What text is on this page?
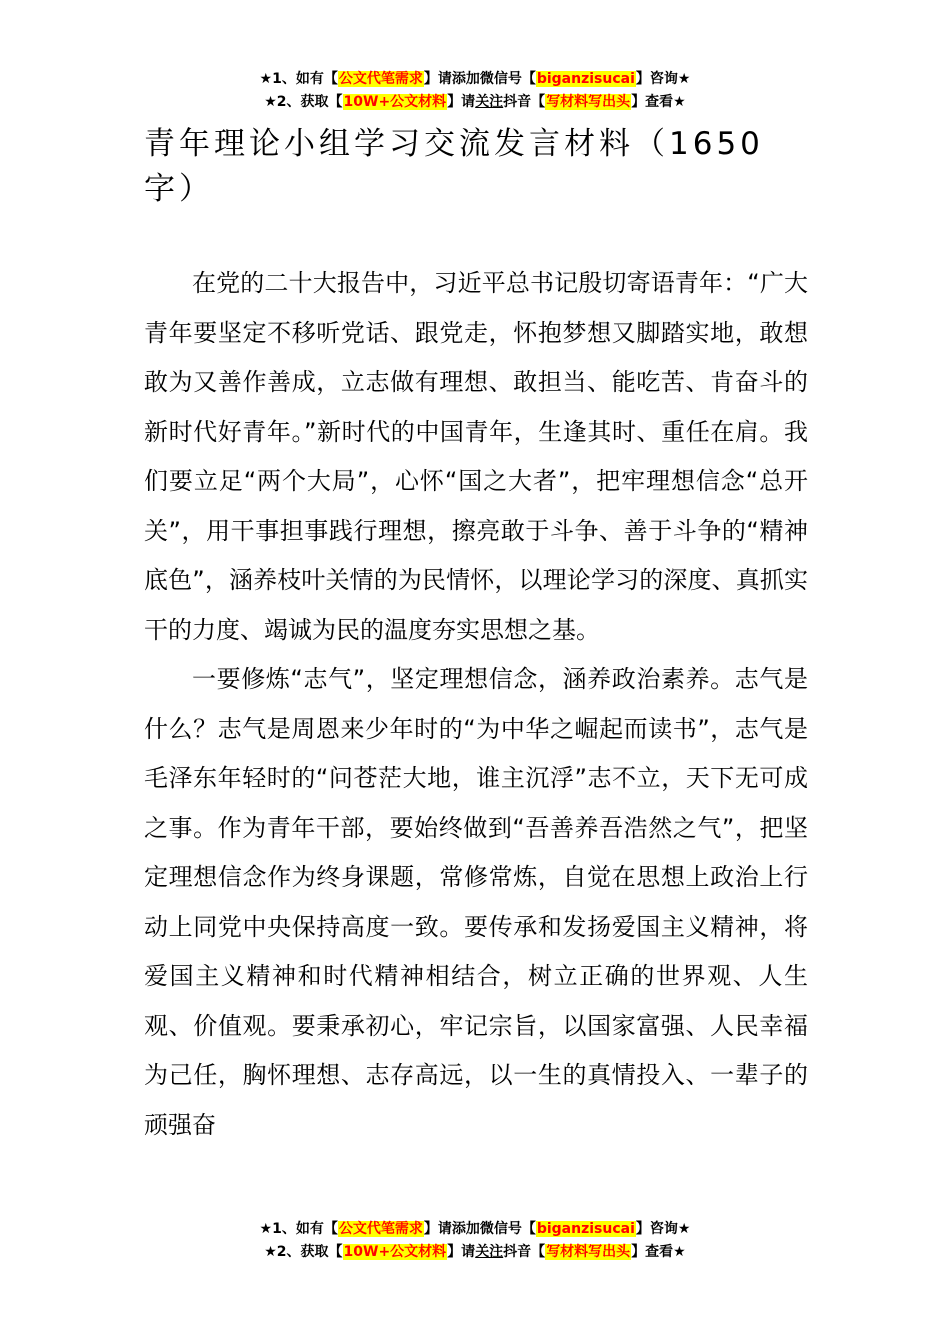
★1、如有【公文代笔需求】请添加微信号【biganzisucai】咨询★
★2、获取【10W+公文材料】请关注抖音【写材料写出头】查看★
青年理论小组学习交流发言材料（1650字）

在党的二十大报告中，习近平总书记殷切寄语青年：“广大青年要坚定不移听党话、跟党走，怀抱梦想又脚踏实地，敢想敢为又善作善成，立志做有理想、敢担当、能吃苦、肯奋斗的新时代好青年。”新时代的中国青年，生逢其时、重任在肩。我们要立足“两个大局”，心怀“国之大者”，把牢理想信念“总开关”，用干事担事践行理想，擦亮敢于斗争、善于斗争的“精神底色”，涵养枝叶关情的为民情怀，以理论学习的深度、真抓实干的力度、竭诚为民的温度夯实思想之基。

一要修炼“志气”，坚定理想信念，涵养政治素养。志气是什么？志气是周恩来少年时的“为中华之崛起而读书”，志气是毛泽东年轻时的“问苍茫大地，谁主沉浮”志不立，天下无可成之事。作为青年干部，要始终做到“吾善养吾浩然之气”，把坚定理想信念作为终身课题，常修常炼，自觉在思想上政治上行动上同党中央保持高度一致。要传承和发扬爱国主义精神，将爱国主义精神和时代精神相结合，树立正确的世界观、人生观、价值观。要秉承初心，牢记宗旨，以国家富强、人民幸福为己任，胸怀理想、志存高远，以一生的真情投入、一辈子的顽强奋

★1、如有【公文代笔需求】请添加微信号【biganzisucai】咨询★
★2、获取【10W+公文材料】请关注抖音【写材料写出头】查看★
